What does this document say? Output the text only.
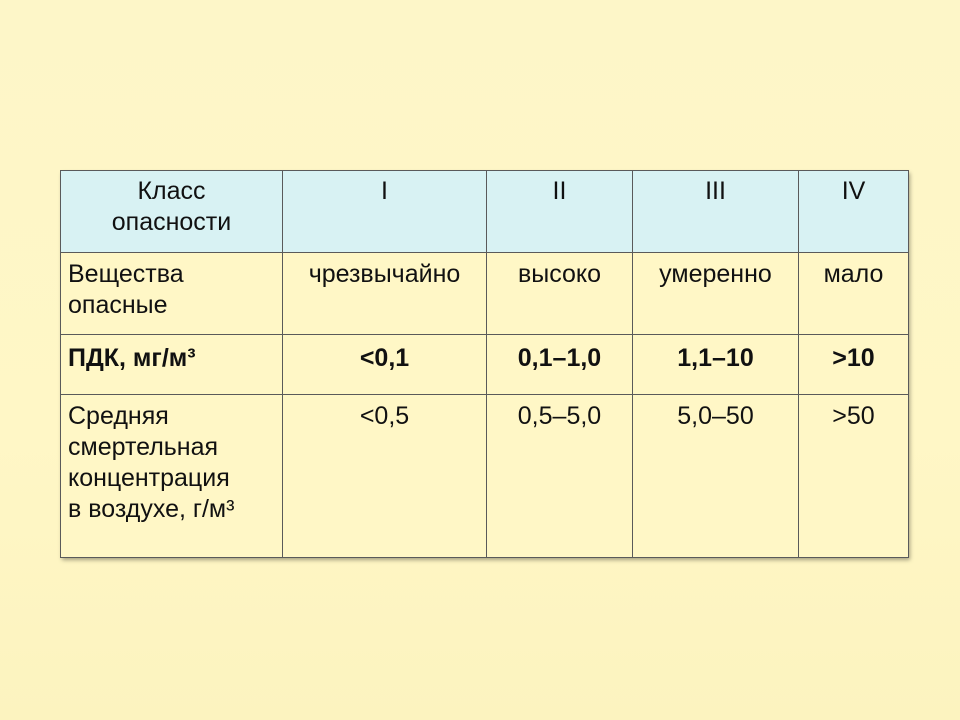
Класс
опасности	I	II	III	IV

Вещества
опасные	чрезвычайно	высоко	умеренно	мало

ПДК, мг/м³	<0,1	0,1–1,0	1,1–10	>10

Средняя
смертельная
концентрация
в воздухе, г/м³	<0,5	0,5–5,0	5,0–50	>50
